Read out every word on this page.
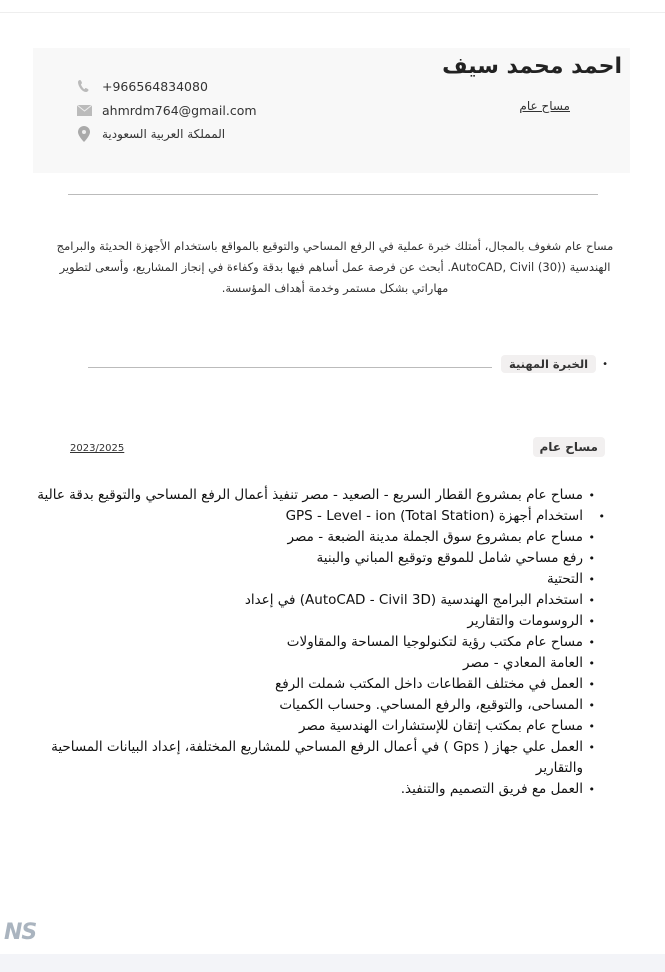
احمد محمد سيف
مساح عام
+966564834080
ahmrdm764@gmail.com
المملكة العربية السعودية

مساح عام شغوف بالمجال، أمتلك خبرة عملية في الرفع المساحي والتوقيع بالمواقع باستخدام الأجهزة الحديثة والبرامج الهندسية (AutoCAD, Civil (30). أبحث عن فرصة عمل أساهم فيها بدقة وكفاءة في إنجاز المشاريع، وأسعى لتطوير مهاراتي بشكل مستمر وخدمة أهداف المؤسسة.

•
الخبرة المهنية
مساح عام
2023/2025
• مساح عام بمشروع القطار السريع - الصعيد - مصر تنفيذ أعمال الرفع المساحي والتوقيع بدقة عالية
• استخدام أجهزة (Total Station) GPS - Level - ion
• مساح عام بمشروع سوق الجملة مدينة الضبعة - مصر
• رفع مساحي شامل للموقع وتوقيع المباني والبنية
• التحتية
• استخدام البرامج الهندسية (AutoCAD - Civil 3D) في إعداد
• الروسومات والتقارير
• مساح عام مكتب رؤية لتكنولوجيا المساحة والمقاولات
• العامة المعادي - مصر
• العمل في مختلف القطاعات داخل المكتب شملت الرفع
• المساحى، والتوقيع، والرفع المساحي. وحساب الكميات
• مساح عام بمكتب إتقان للإستشارات الهندسية مصر
• العمل علي جهاز ( Gps ) في أعمال الرفع المساحي للمشاريع المختلفة، إعداد البيانات المساحية والتقارير
• العمل مع فريق التصميم والتنفيذ.
NS
